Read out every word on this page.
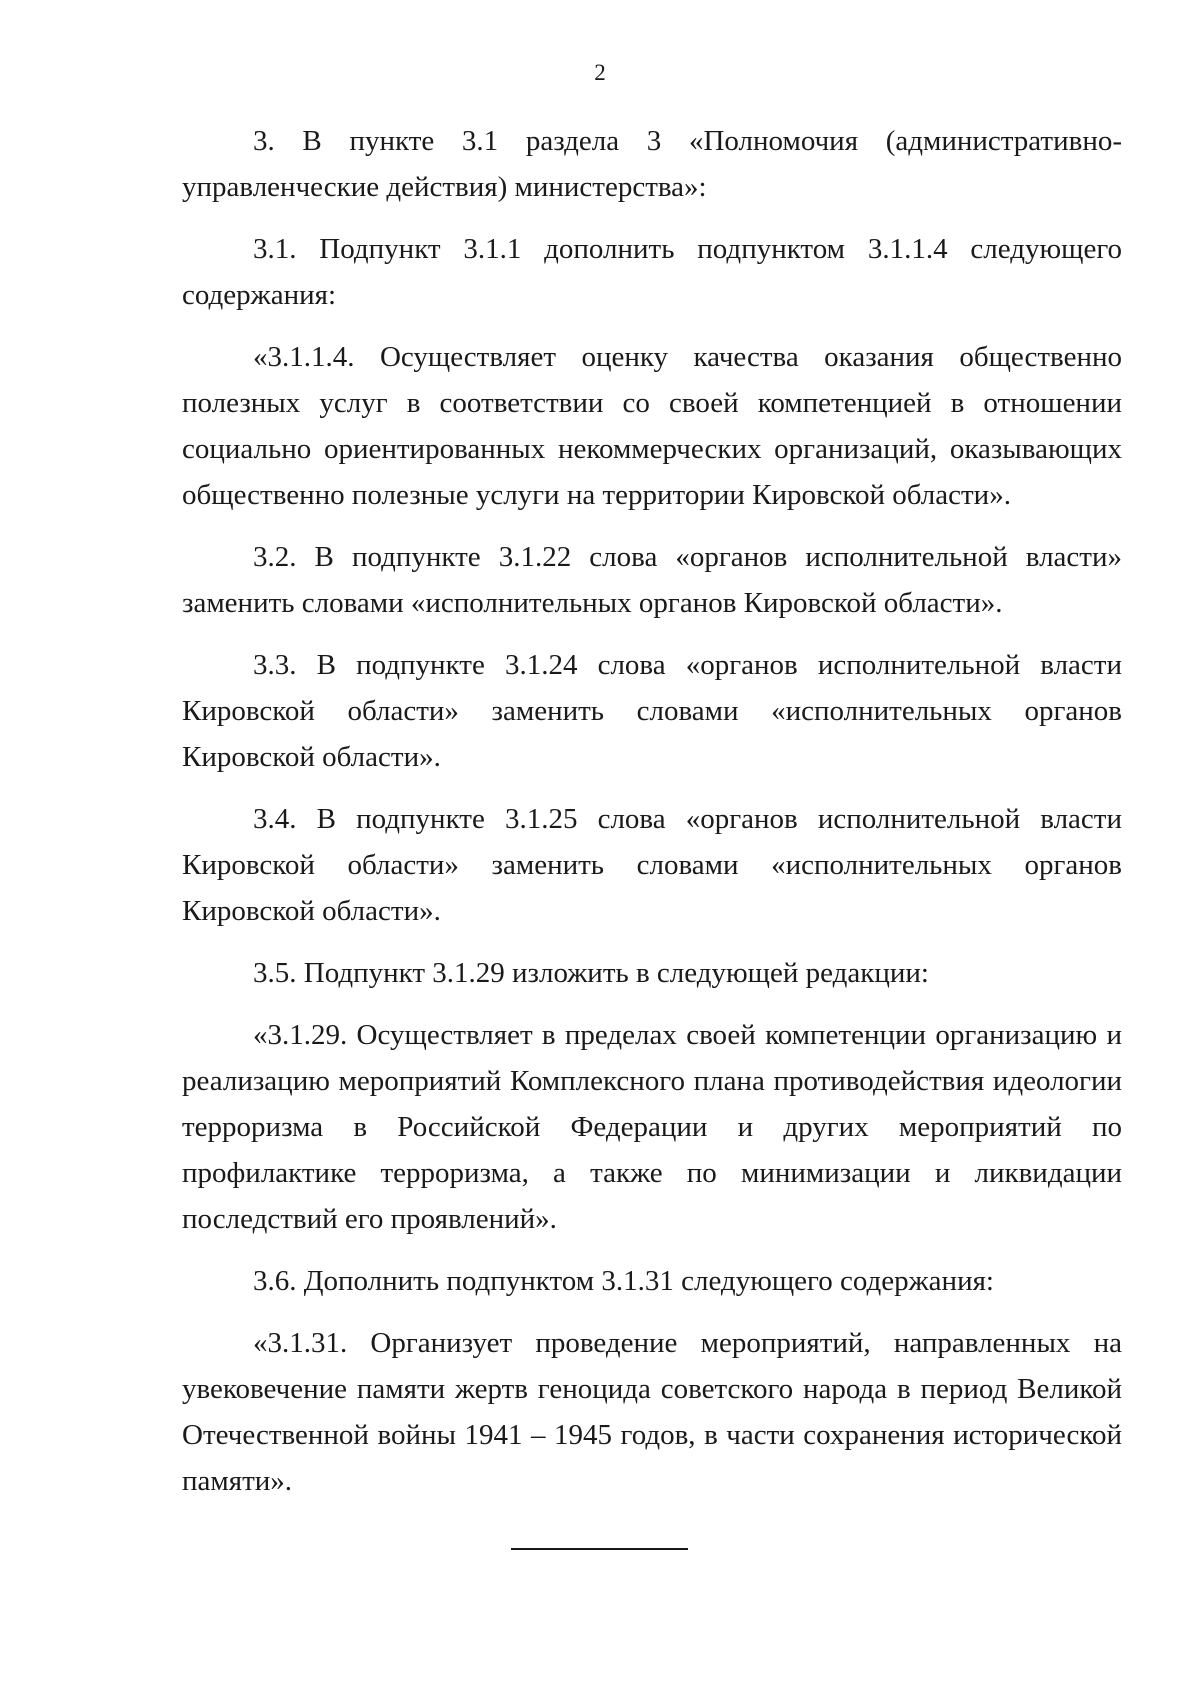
2

3. В пункте 3.1 раздела 3 «Полномочия (административно-управленческие действия) министерства»:

3.1. Подпункт 3.1.1 дополнить подпунктом 3.1.1.4 следующего содержания:

«3.1.1.4. Осуществляет оценку качества оказания общественно полезных услуг в соответствии со своей компетенцией в отношении социально ориентированных некоммерческих организаций, оказывающих общественно полезные услуги на территории Кировской области».

3.2. В подпункте 3.1.22 слова «органов исполнительной власти» заменить словами «исполнительных органов Кировской области».

3.3. В подпункте 3.1.24 слова «органов исполнительной власти Кировской области» заменить словами «исполнительных органов Кировской области».

3.4. В подпункте 3.1.25 слова «органов исполнительной власти Кировской области» заменить словами «исполнительных органов Кировской области».

3.5. Подпункт 3.1.29 изложить в следующей редакции:

«3.1.29. Осуществляет в пределах своей компетенции организацию и реализацию мероприятий Комплексного плана противодействия идеологии терроризма в Российской Федерации и других мероприятий по профилактике терроризма, а также по минимизации и ликвидации последствий его проявлений».

3.6. Дополнить подпунктом 3.1.31 следующего содержания:

«3.1.31. Организует проведение мероприятий, направленных на увековечение памяти жертв геноцида советского народа в период Великой Отечественной войны 1941 – 1945 годов, в части сохранения исторической памяти».
